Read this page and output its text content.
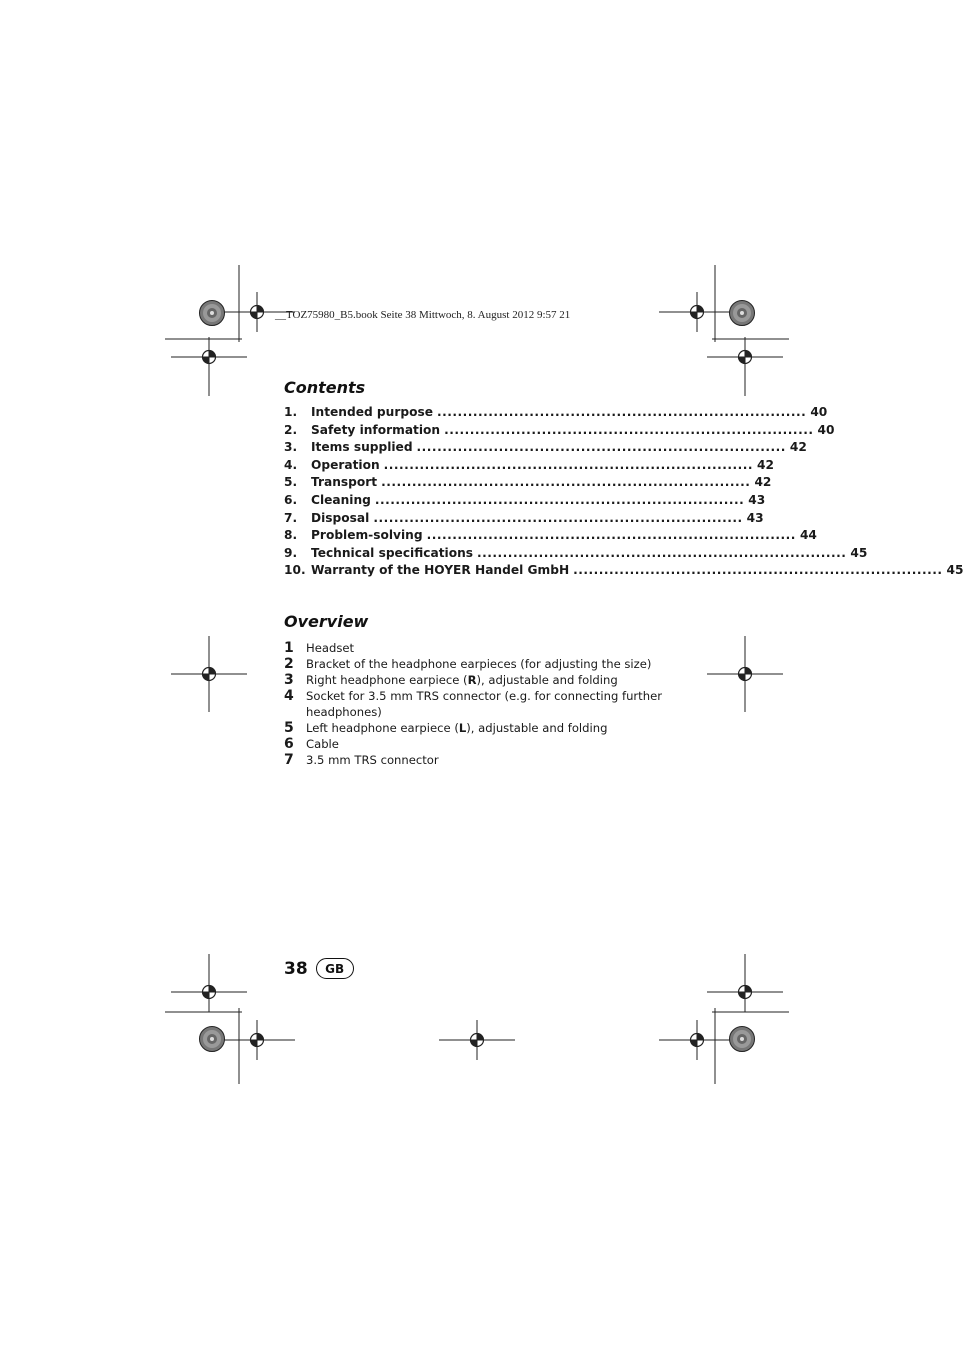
__TOZ75980_B5.book Seite 38 Mittwoch, 8. August 2012 9:57 21
Contents
1.	Intended purpose ........................................................................ 40
2.	Safety information ........................................................................ 40
3.	Items supplied ........................................................................ 42
4.	Operation ........................................................................ 42
5.	Transport ........................................................................ 42
6.	Cleaning ........................................................................ 43
7.	Disposal ........................................................................ 43
8.	Problem-solving ........................................................................ 44
9.	Technical specifications ........................................................................ 45
10. Warranty of the HOYER Handel GmbH ........................................................................ 45
Overview
1	Headset
2	Bracket of the headphone earpieces (for adjusting the size)
3	Right headphone earpiece (R), adjustable and folding
4	Socket for 3.5 mm TRS connector (e.g. for connecting further headphones)
5	Left headphone earpiece (L), adjustable and folding
6	Cable
7	3.5 mm TRS connector
38	GB
